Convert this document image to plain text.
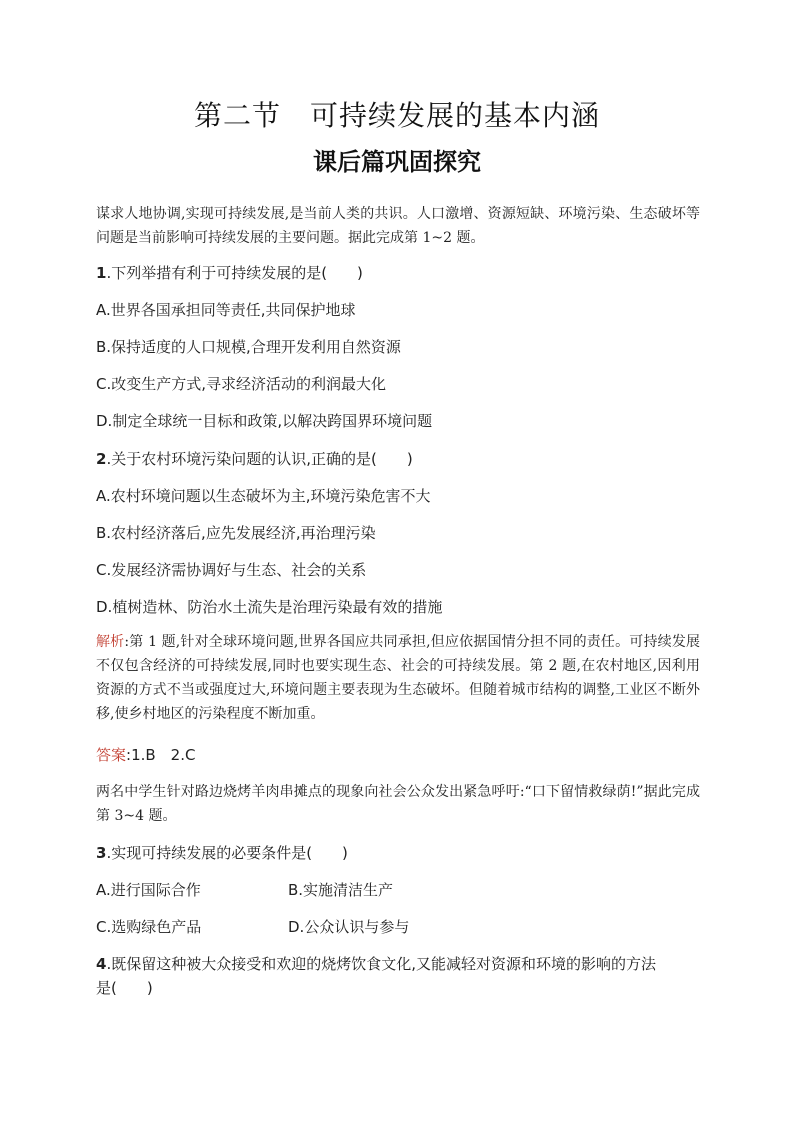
第二节　可持续发展的基本内涵
课后篇巩固探究
谋求人地协调,实现可持续发展,是当前人类的共识。人口激增、资源短缺、环境污染、生态破坏等问题是当前影响可持续发展的主要问题。据此完成第 1~2 题。
1.下列举措有利于可持续发展的是(　　)
A.世界各国承担同等责任,共同保护地球
B.保持适度的人口规模,合理开发利用自然资源
C.改变生产方式,寻求经济活动的利润最大化
D.制定全球统一目标和政策,以解决跨国界环境问题
2.关于农村环境污染问题的认识,正确的是(　　)
A.农村环境问题以生态破坏为主,环境污染危害不大
B.农村经济落后,应先发展经济,再治理污染
C.发展经济需协调好与生态、社会的关系
D.植树造林、防治水土流失是治理污染最有效的措施
解析:第 1 题,针对全球环境问题,世界各国应共同承担,但应依据国情分担不同的责任。可持续发展不仅包含经济的可持续发展,同时也要实现生态、社会的可持续发展。第 2 题,在农村地区,因利用资源的方式不当或强度过大,环境问题主要表现为生态破坏。但随着城市结构的调整,工业区不断外移,使乡村地区的污染程度不断加重。
答案:1.B　2.C
两名中学生针对路边烧烤羊肉串摊点的现象向社会公众发出紧急呼吁:“口下留情救绿荫!”据此完成第 3~4 题。
3.实现可持续发展的必要条件是(　　)
A.进行国际合作	B.实施清洁生产
C.选购绿色产品	D.公众认识与参与
4.既保留这种被大众接受和欢迎的烧烤饮食文化,又能减轻对资源和环境的影响的方法
是(　　)
